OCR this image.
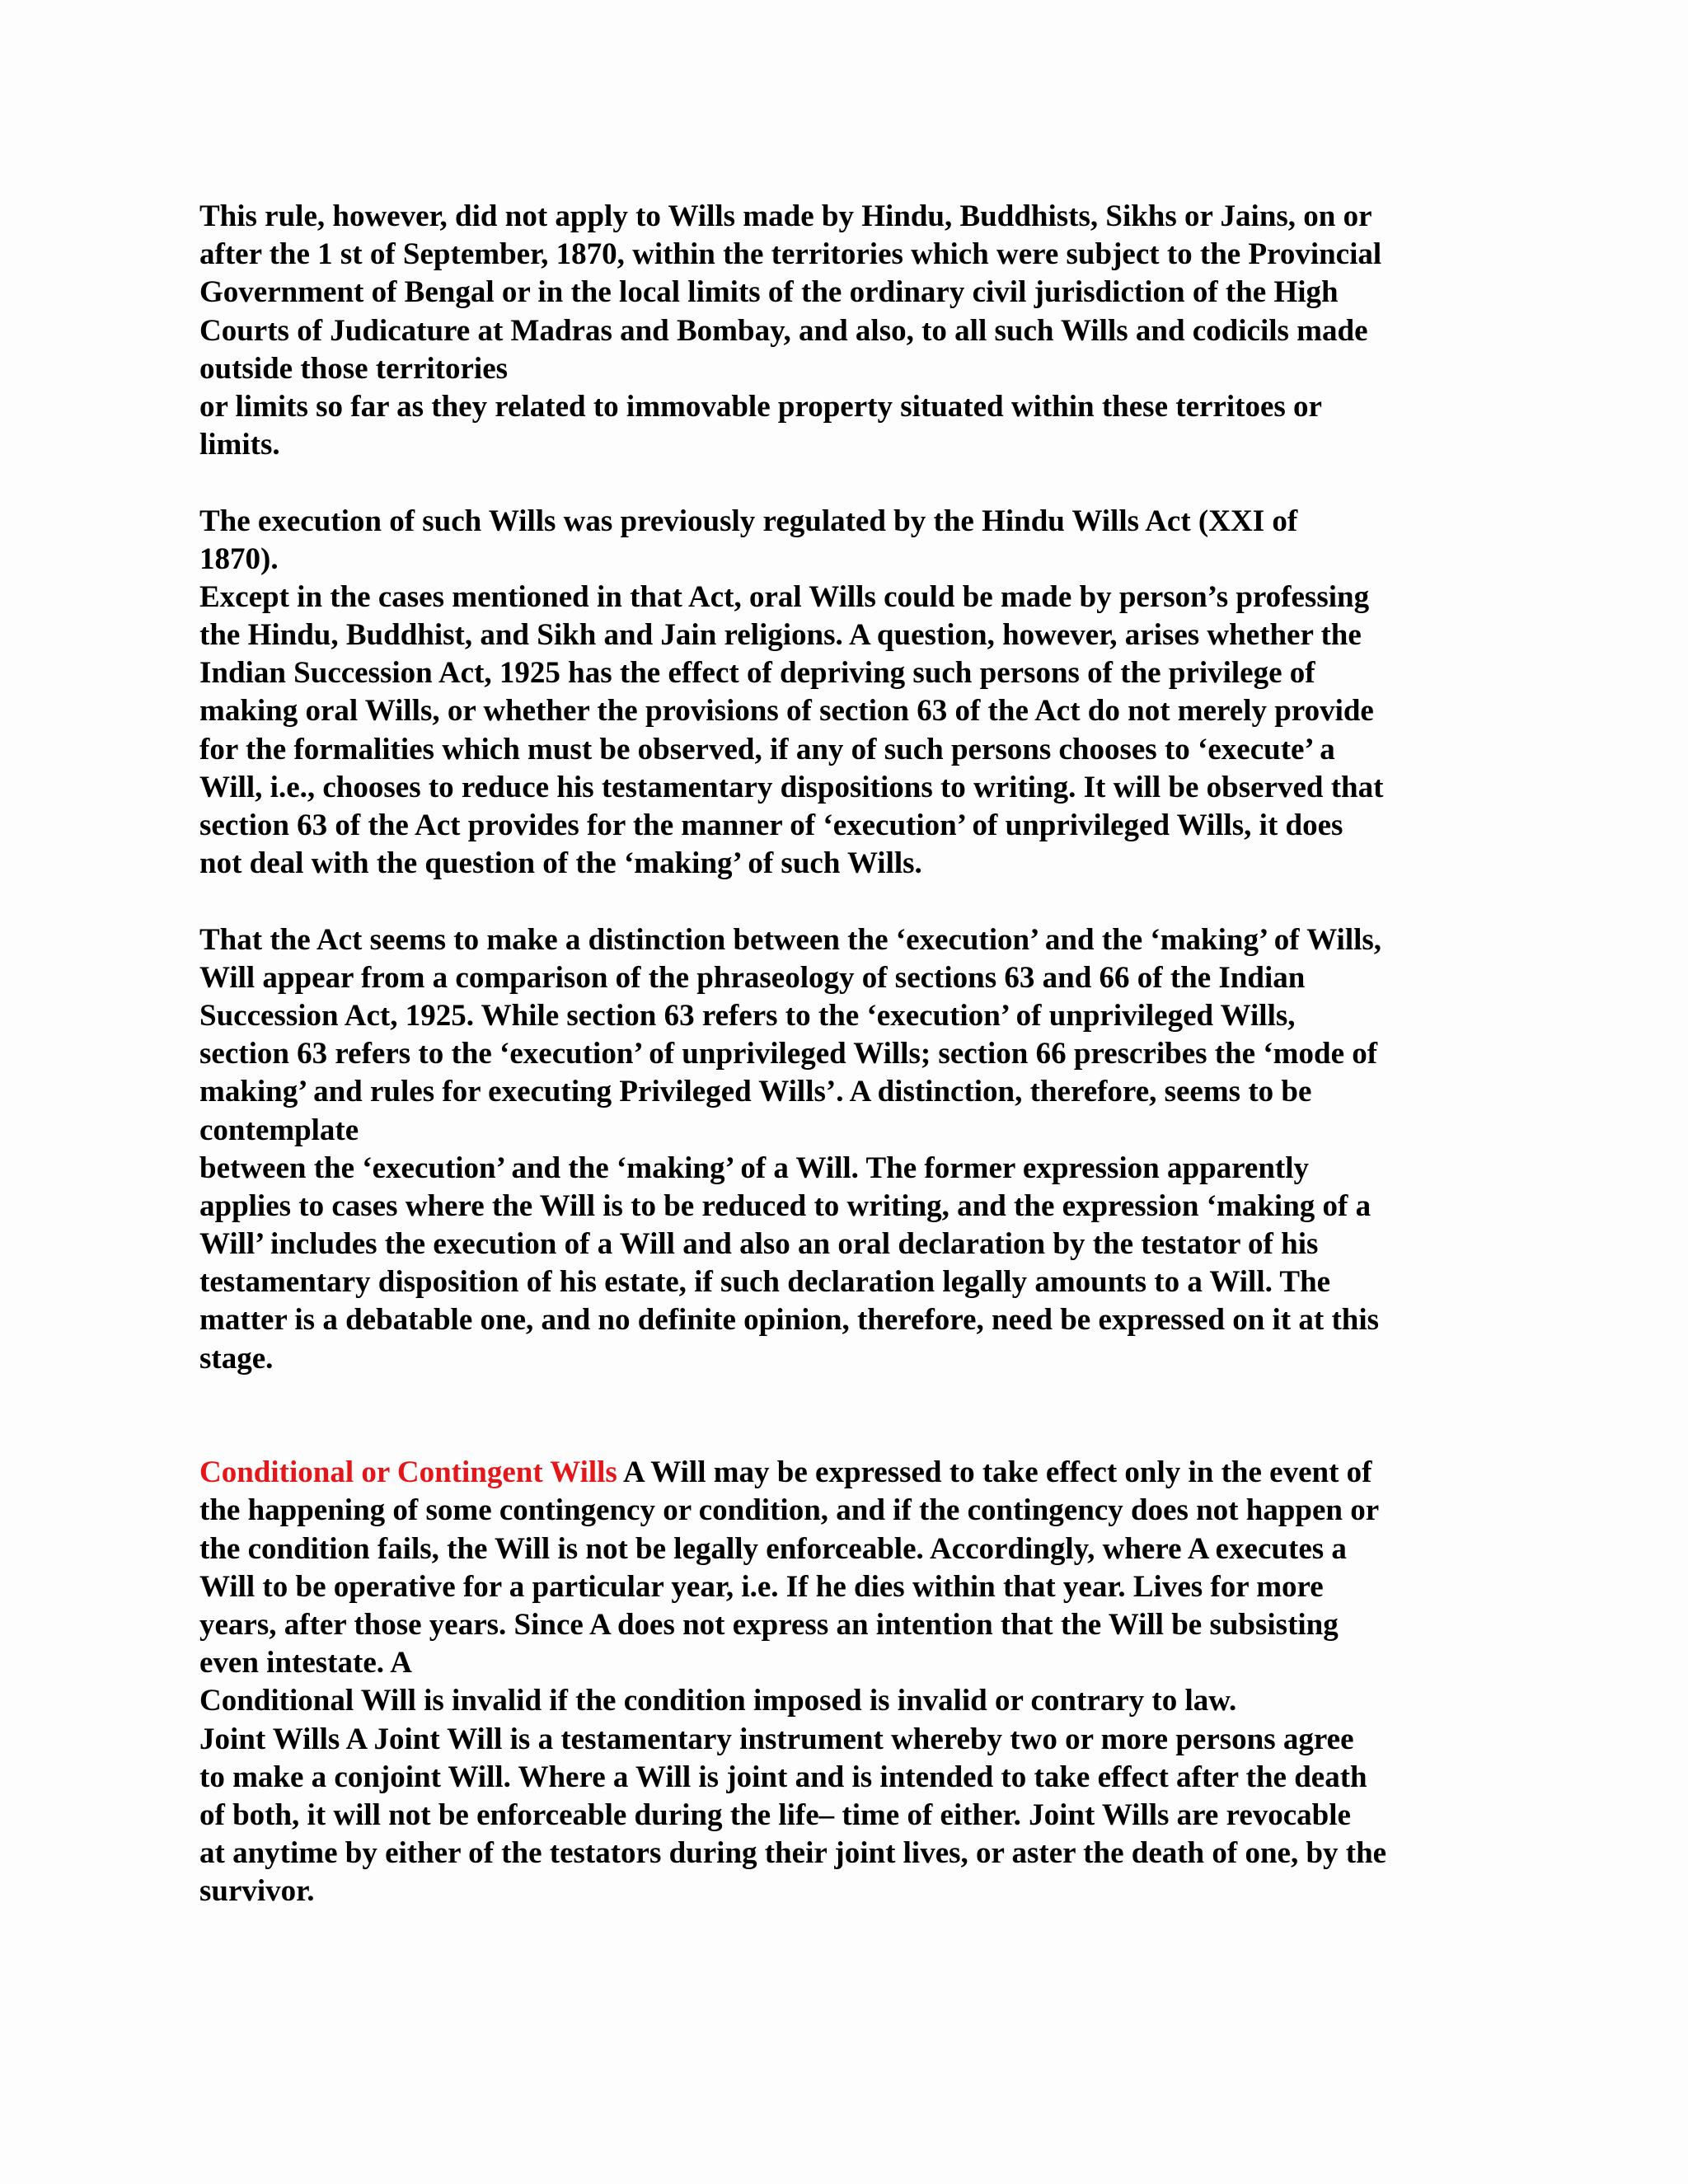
This rule, however, did not apply to Wills made by Hindu, Buddhists, Sikhs or Jains, on or
after the 1 st of September, 1870, within the territories which were subject to the Provincial
Government of Bengal or in the local limits of the ordinary civil jurisdiction of the High
Courts of Judicature at Madras and Bombay, and also, to all such Wills and codicils made
outside those territories
or limits so far as they related to immovable property situated within these territoes or
limits.
The execution of such Wills was previously regulated by the Hindu Wills Act (XXI of
1870).
Except in the cases mentioned in that Act, oral Wills could be made by person’s professing
the Hindu, Buddhist, and Sikh and Jain religions. A question, however, arises whether the
Indian Succession Act, 1925 has the effect of depriving such persons of the privilege of
making oral Wills, or whether the provisions of section 63 of the Act do not merely provide
for the formalities which must be observed, if any of such persons chooses to ‘execute’ a
Will, i.e., chooses to reduce his testamentary dispositions to writing. It will be observed that
section 63 of the Act provides for the manner of ‘execution’ of unprivileged Wills, it does
not deal with the question of the ‘making’ of such Wills.
That the Act seems to make a distinction between the ‘execution’ and the ‘making’ of Wills,
Will appear from a comparison of the phraseology of sections 63 and 66 of the Indian
Succession Act, 1925. While section 63 refers to the ‘execution’ of unprivileged Wills,
section 63 refers to the ‘execution’ of unprivileged Wills; section 66 prescribes the ‘mode of
making’ and rules for executing Privileged Wills’. A distinction, therefore, seems to be
contemplate
between the ‘execution’ and the ‘making’ of a Will. The former expression apparently
applies to cases where the Will is to be reduced to writing, and the expression ‘making of a
Will’ includes the execution of a Will and also an oral declaration by the testator of his
testamentary disposition of his estate, if such declaration legally amounts to a Will. The
matter is a debatable one, and no definite opinion, therefore, need be expressed on it at this
stage.
Conditional or Contingent Wills A Will may be expressed to take effect only in the event of
the happening of some contingency or condition, and if the contingency does not happen or
the condition fails, the Will is not be legally enforceable. Accordingly, where A executes a
Will to be operative for a particular year, i.e. If he dies within that year. Lives for more
years, after those years. Since A does not express an intention that the Will be subsisting
even intestate. A
Conditional Will is invalid if the condition imposed is invalid or contrary to law.
Joint Wills A Joint Will is a testamentary instrument whereby two or more persons agree
to make a conjoint Will. Where a Will is joint and is intended to take effect after the death
of both, it will not be enforceable during the life– time of either. Joint Wills are revocable
at anytime by either of the testators during their joint lives, or aster the death of one, by the
survivor.
